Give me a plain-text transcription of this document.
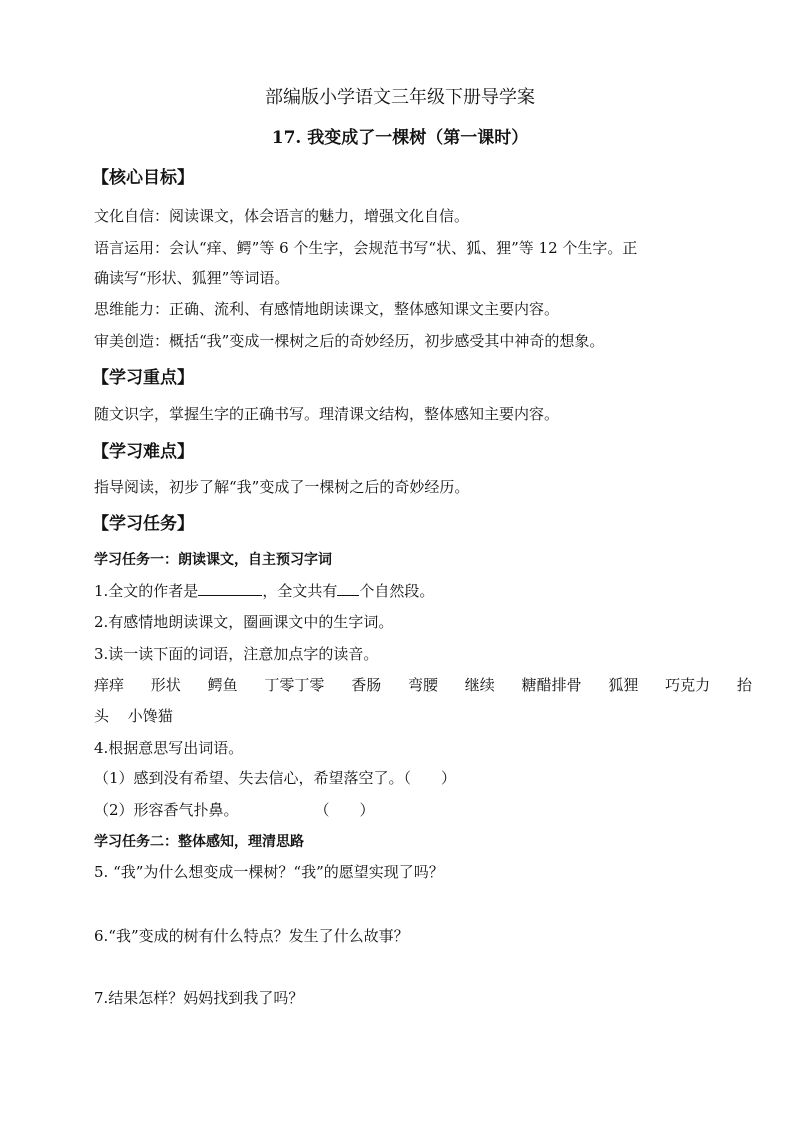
部编版小学语文三年级下册导学案
17. 我变成了一棵树（第一课时）
【核心目标】
文化自信：阅读课文，体会语言的魅力，增强文化自信。
语言运用：会认“痒、鳄”等 6 个生字，会规范书写“状、狐、狸”等 12 个生字。正
确读写“形状、狐狸”等词语。
思维能力：正确、流利、有感情地朗读课文，整体感知课文主要内容。
审美创造：概括“我”变成一棵树之后的奇妙经历，初步感受其中神奇的想象。
【学习重点】
随文识字，掌握生字的正确书写。理清课文结构，整体感知主要内容。
【学习难点】
指导阅读，初步了解“我”变成了一棵树之后的奇妙经历。
【学习任务】
学习任务一：朗读课文，自主预习字词
1.全文的作者是	，全文共有 个自然段。
2.有感情地朗读课文，圈画课文中的生字词。
3.读一读下面的词语，注意加点字的读音。
痒痒 形状 鳄鱼 丁零丁零 香肠 弯腰 继续 糖醋排骨 狐狸 巧克力 抬
头 小馋猫
4.根据意思写出词语。
（1）感到没有希望、失去信心，希望落空了。（　　）
（2）形容香气扑鼻。	（　　）
学习任务二：整体感知，理清思路
5. “我”为什么想变成一棵树？“我”的愿望实现了吗？
6.“我”变成的树有什么特点？发生了什么故事？
7.结果怎样？妈妈找到我了吗？
